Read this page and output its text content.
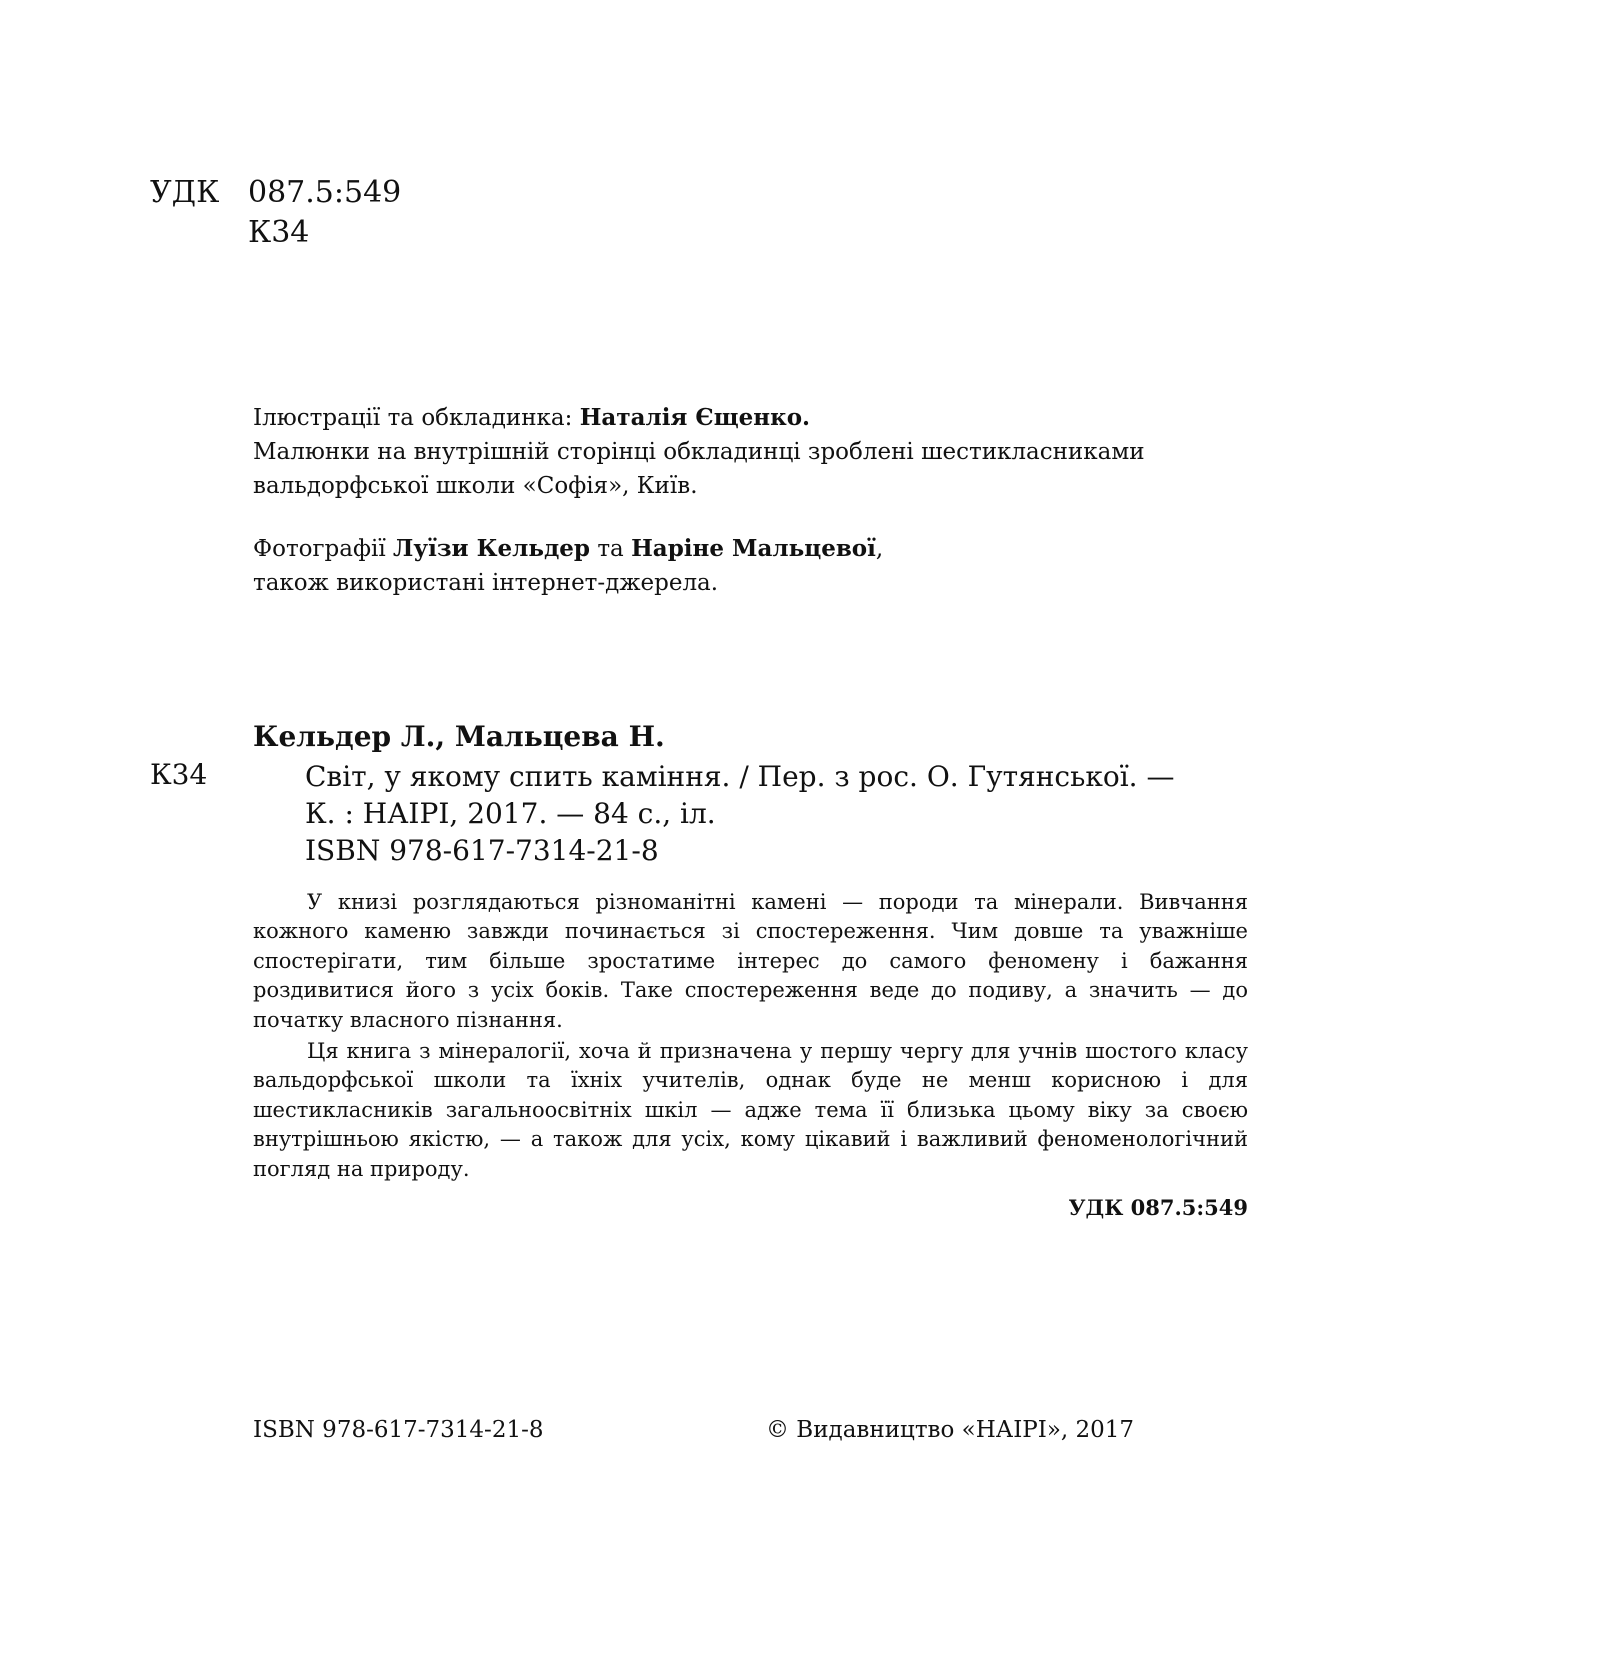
УДК 087.5:549
К34

Ілюстрації та обкладинка: Наталія Єщенко.

Малюнки на внутрішній сторінці обкладинці зроблені шестикласниками

вальдорфської школи «Софія», Київ.

Фотографії Луїзи Кельдер та Наріне Мальцевої,

також використані інтернет-джерела.

Кельдер Л., Мальцева Н.
К34	Світ, у якому спить каміння. / Пер. з рос. О. Гутянської. —

К. : НАІРІ, 2017. — 84 с., іл.

ISBN 978-617-7314-21-8

У книзі розглядаються різноманітні камені — породи та мінерали. Вивчання кожного каменю завжди починається зі спостереження. Чим довше та уважніше спостерігати, тим більше зростатиме інтерес до самого феномену і бажання роздивитися його з усіх боків. Таке спостереження веде до подиву, а значить — до початку власного пізнання.

Ця книга з мінералогії, хоча й призначена у першу чергу для учнів шостого класу вальдорфської школи та їхніх учителів, однак буде не менш корисною і для шестикласників загальноосвітніх шкіл — адже тема її близька цьому віку за своєю внутрішньою якістю, — а також для усіх, кому цікавий і важливий феноменологічний погляд на природу.

УДК 087.5:549
ISBN 978-617-7314-21-8	© Видавництво «НАІРІ», 2017
